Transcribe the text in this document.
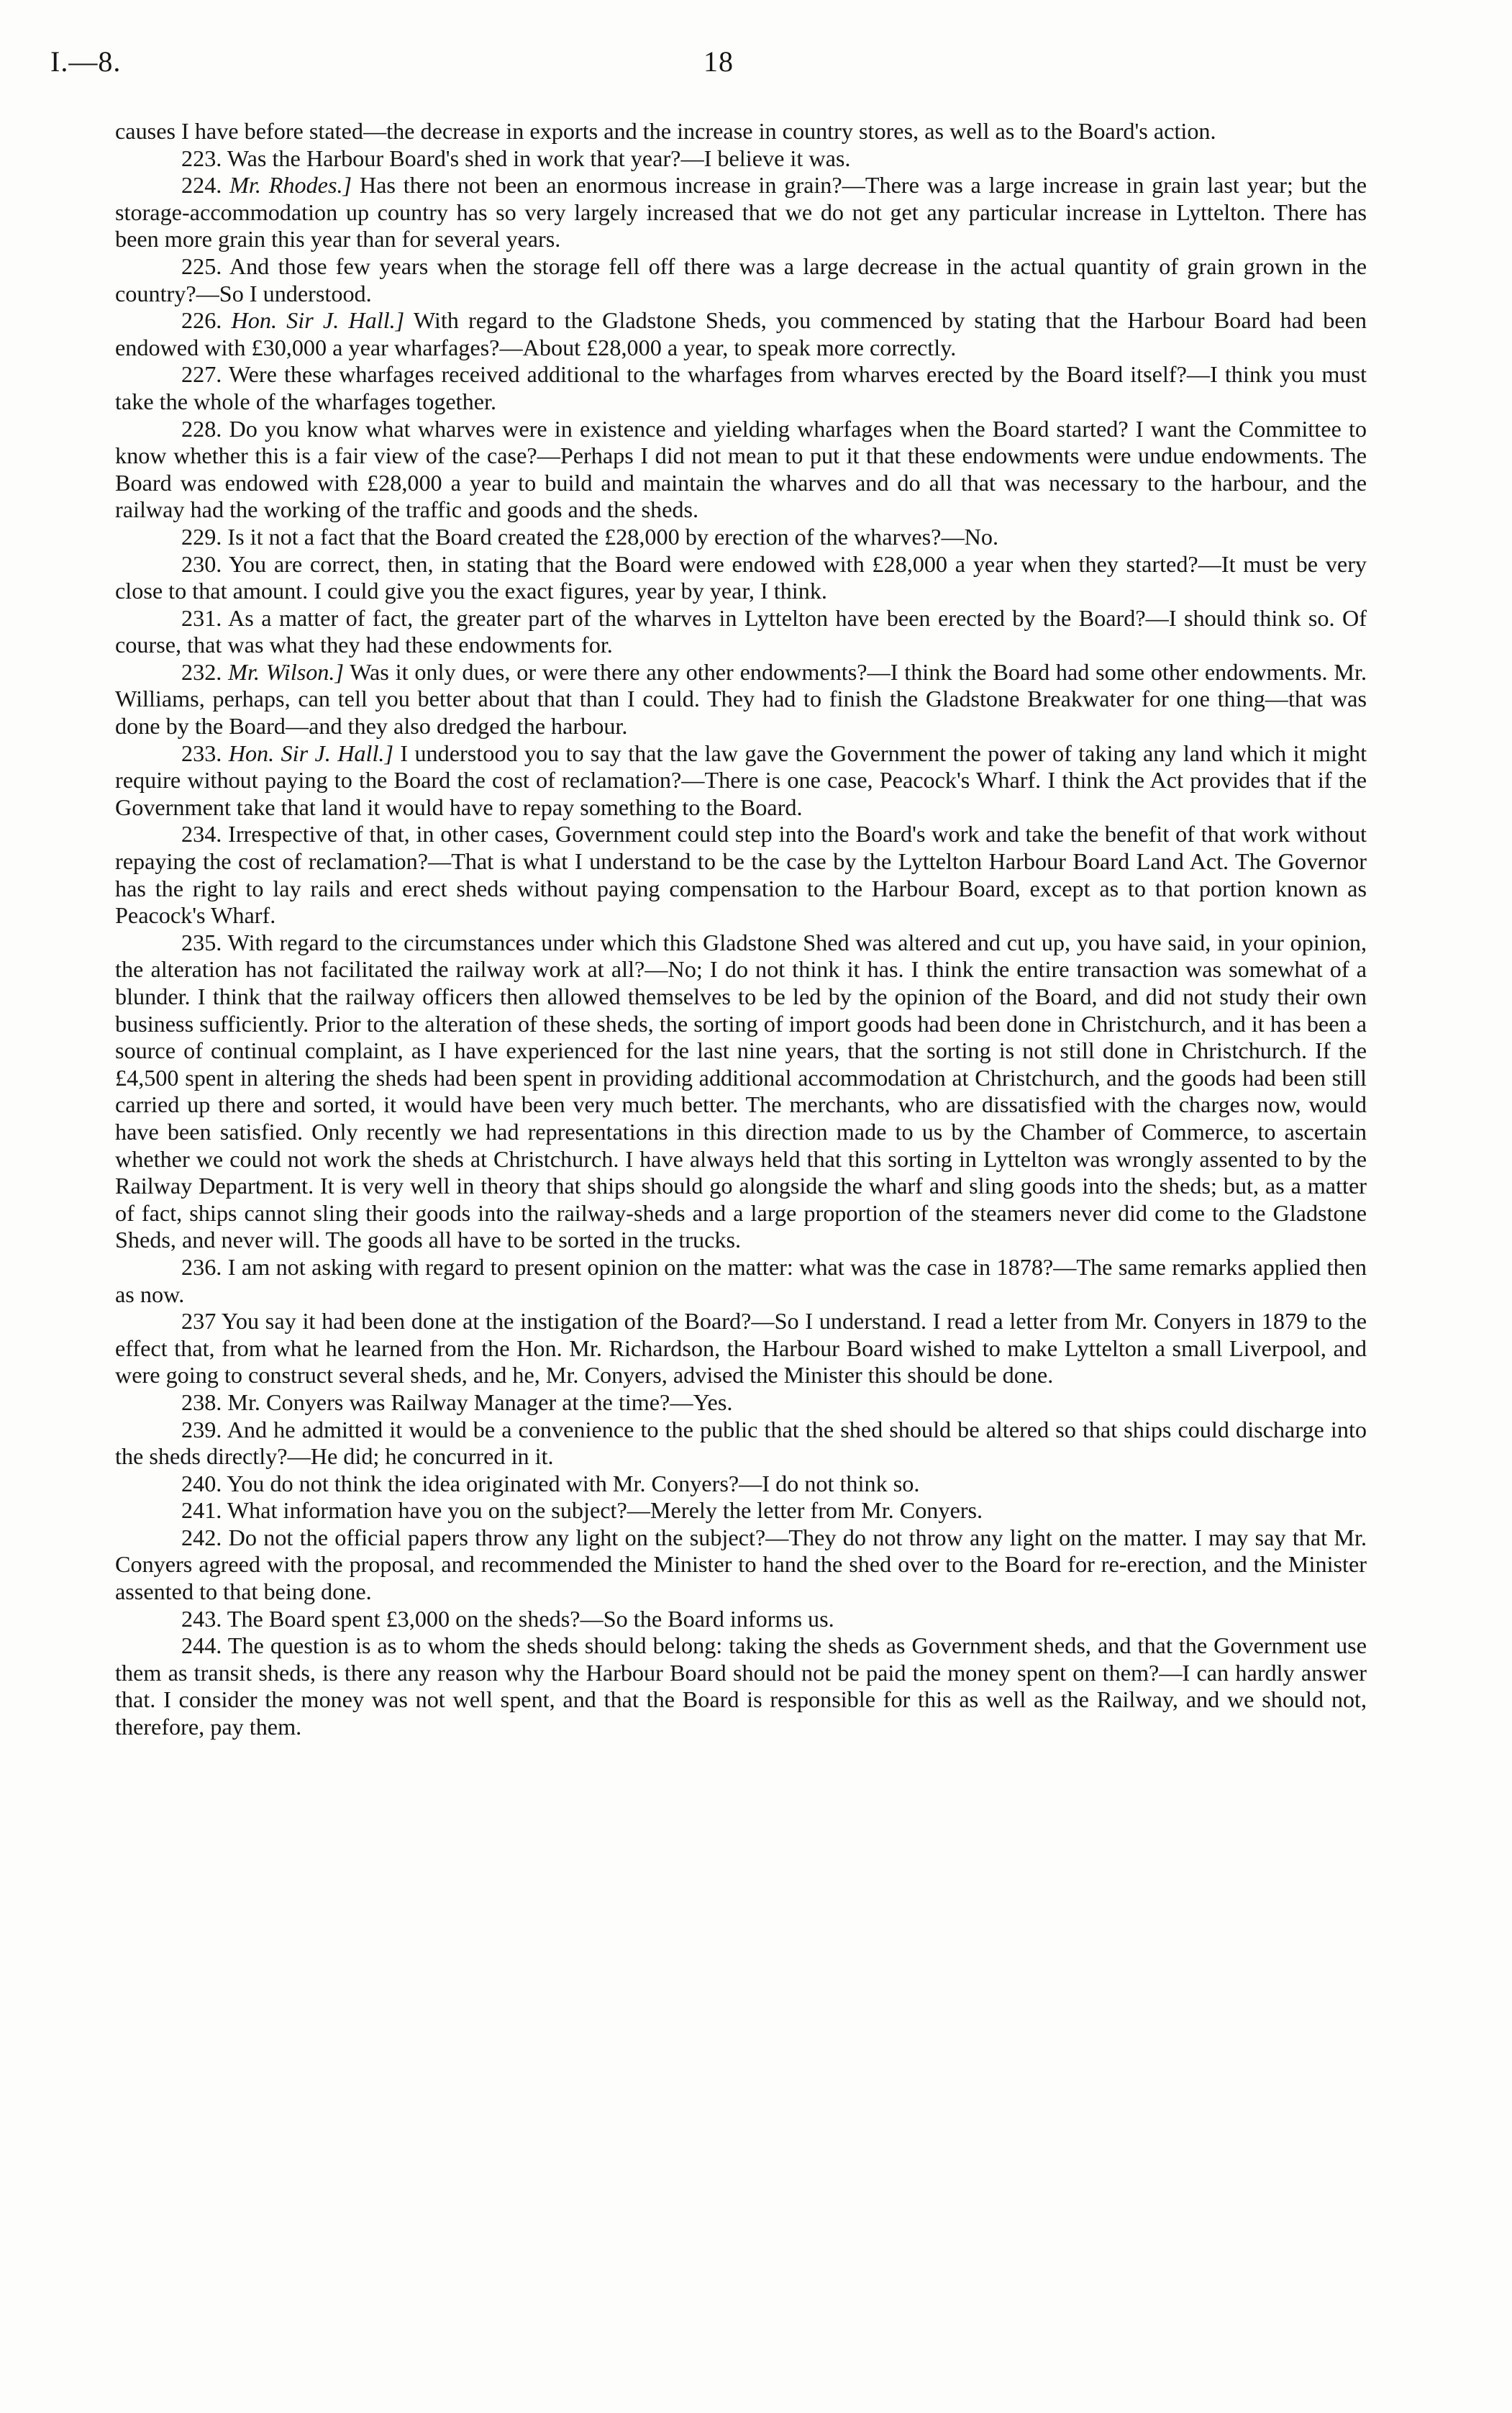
I.—8.	18

causes I have before stated—the decrease in exports and the increase in country stores, as well as to the Board's action.

223. Was the Harbour Board's shed in work that year?—I believe it was.

224. Mr. Rhodes.] Has there not been an enormous increase in grain?—There was a large increase in grain last year; but the storage-accommodation up country has so very largely increased that we do not get any particular increase in Lyttelton. There has been more grain this year than for several years.

225. And those few years when the storage fell off there was a large decrease in the actual quantity of grain grown in the country?—So I understood.

226. Hon. Sir J. Hall.] With regard to the Gladstone Sheds, you commenced by stating that the Harbour Board had been endowed with £30,000 a year wharfages?—About £28,000 a year, to speak more correctly.

227. Were these wharfages received additional to the wharfages from wharves erected by the Board itself?—I think you must take the whole of the wharfages together.

228. Do you know what wharves were in existence and yielding wharfages when the Board started? I want the Committee to know whether this is a fair view of the case?—Perhaps I did not mean to put it that these endowments were undue endowments. The Board was endowed with £28,000 a year to build and maintain the wharves and do all that was necessary to the harbour, and the railway had the working of the traffic and goods and the sheds.

229. Is it not a fact that the Board created the £28,000 by erection of the wharves?—No.

230. You are correct, then, in stating that the Board were endowed with £28,000 a year when they started?—It must be very close to that amount. I could give you the exact figures, year by year, I think.

231. As a matter of fact, the greater part of the wharves in Lyttelton have been erected by the Board?—I should think so. Of course, that was what they had these endowments for.

232. Mr. Wilson.] Was it only dues, or were there any other endowments?—I think the Board had some other endowments. Mr. Williams, perhaps, can tell you better about that than I could. They had to finish the Gladstone Breakwater for one thing—that was done by the Board—and they also dredged the harbour.

233. Hon. Sir J. Hall.] I understood you to say that the law gave the Government the power of taking any land which it might require without paying to the Board the cost of reclamation?—There is one case, Peacock's Wharf. I think the Act provides that if the Government take that land it would have to repay something to the Board.

234. Irrespective of that, in other cases, Government could step into the Board's work and take the benefit of that work without repaying the cost of reclamation?—That is what I understand to be the case by the Lyttelton Harbour Board Land Act. The Governor has the right to lay rails and erect sheds without paying compensation to the Harbour Board, except as to that portion known as Peacock's Wharf.

235. With regard to the circumstances under which this Gladstone Shed was altered and cut up, you have said, in your opinion, the alteration has not facilitated the railway work at all?—No; I do not think it has. I think the entire transaction was somewhat of a blunder. I think that the railway officers then allowed themselves to be led by the opinion of the Board, and did not study their own business sufficiently. Prior to the alteration of these sheds, the sorting of import goods had been done in Christchurch, and it has been a source of continual complaint, as I have experienced for the last nine years, that the sorting is not still done in Christchurch. If the £4,500 spent in altering the sheds had been spent in providing additional accommodation at Christchurch, and the goods had been still carried up there and sorted, it would have been very much better. The merchants, who are dissatisfied with the charges now, would have been satisfied. Only recently we had representations in this direction made to us by the Chamber of Commerce, to ascertain whether we could not work the sheds at Christchurch. I have always held that this sorting in Lyttelton was wrongly assented to by the Railway Department. It is very well in theory that ships should go alongside the wharf and sling goods into the sheds; but, as a matter of fact, ships cannot sling their goods into the railway-sheds and a large proportion of the steamers never did come to the Gladstone Sheds, and never will. The goods all have to be sorted in the trucks.

236. I am not asking with regard to present opinion on the matter: what was the case in 1878?—The same remarks applied then as now.

237 You say it had been done at the instigation of the Board?—So I understand. I read a letter from Mr. Conyers in 1879 to the effect that, from what he learned from the Hon. Mr. Richardson, the Harbour Board wished to make Lyttelton a small Liverpool, and were going to construct several sheds, and he, Mr. Conyers, advised the Minister this should be done.

238. Mr. Conyers was Railway Manager at the time?—Yes.

239. And he admitted it would be a convenience to the public that the shed should be altered so that ships could discharge into the sheds directly?—He did; he concurred in it.

240. You do not think the idea originated with Mr. Conyers?—I do not think so.

241. What information have you on the subject?—Merely the letter from Mr. Conyers.

242. Do not the official papers throw any light on the subject?—They do not throw any light on the matter. I may say that Mr. Conyers agreed with the proposal, and recommended the Minister to hand the shed over to the Board for re-erection, and the Minister assented to that being done.

243. The Board spent £3,000 on the sheds?—So the Board informs us.

244. The question is as to whom the sheds should belong: taking the sheds as Government sheds, and that the Government use them as transit sheds, is there any reason why the Harbour Board should not be paid the money spent on them?—I can hardly answer that. I consider the money was not well spent, and that the Board is responsible for this as well as the Railway, and we should not, therefore, pay them.
